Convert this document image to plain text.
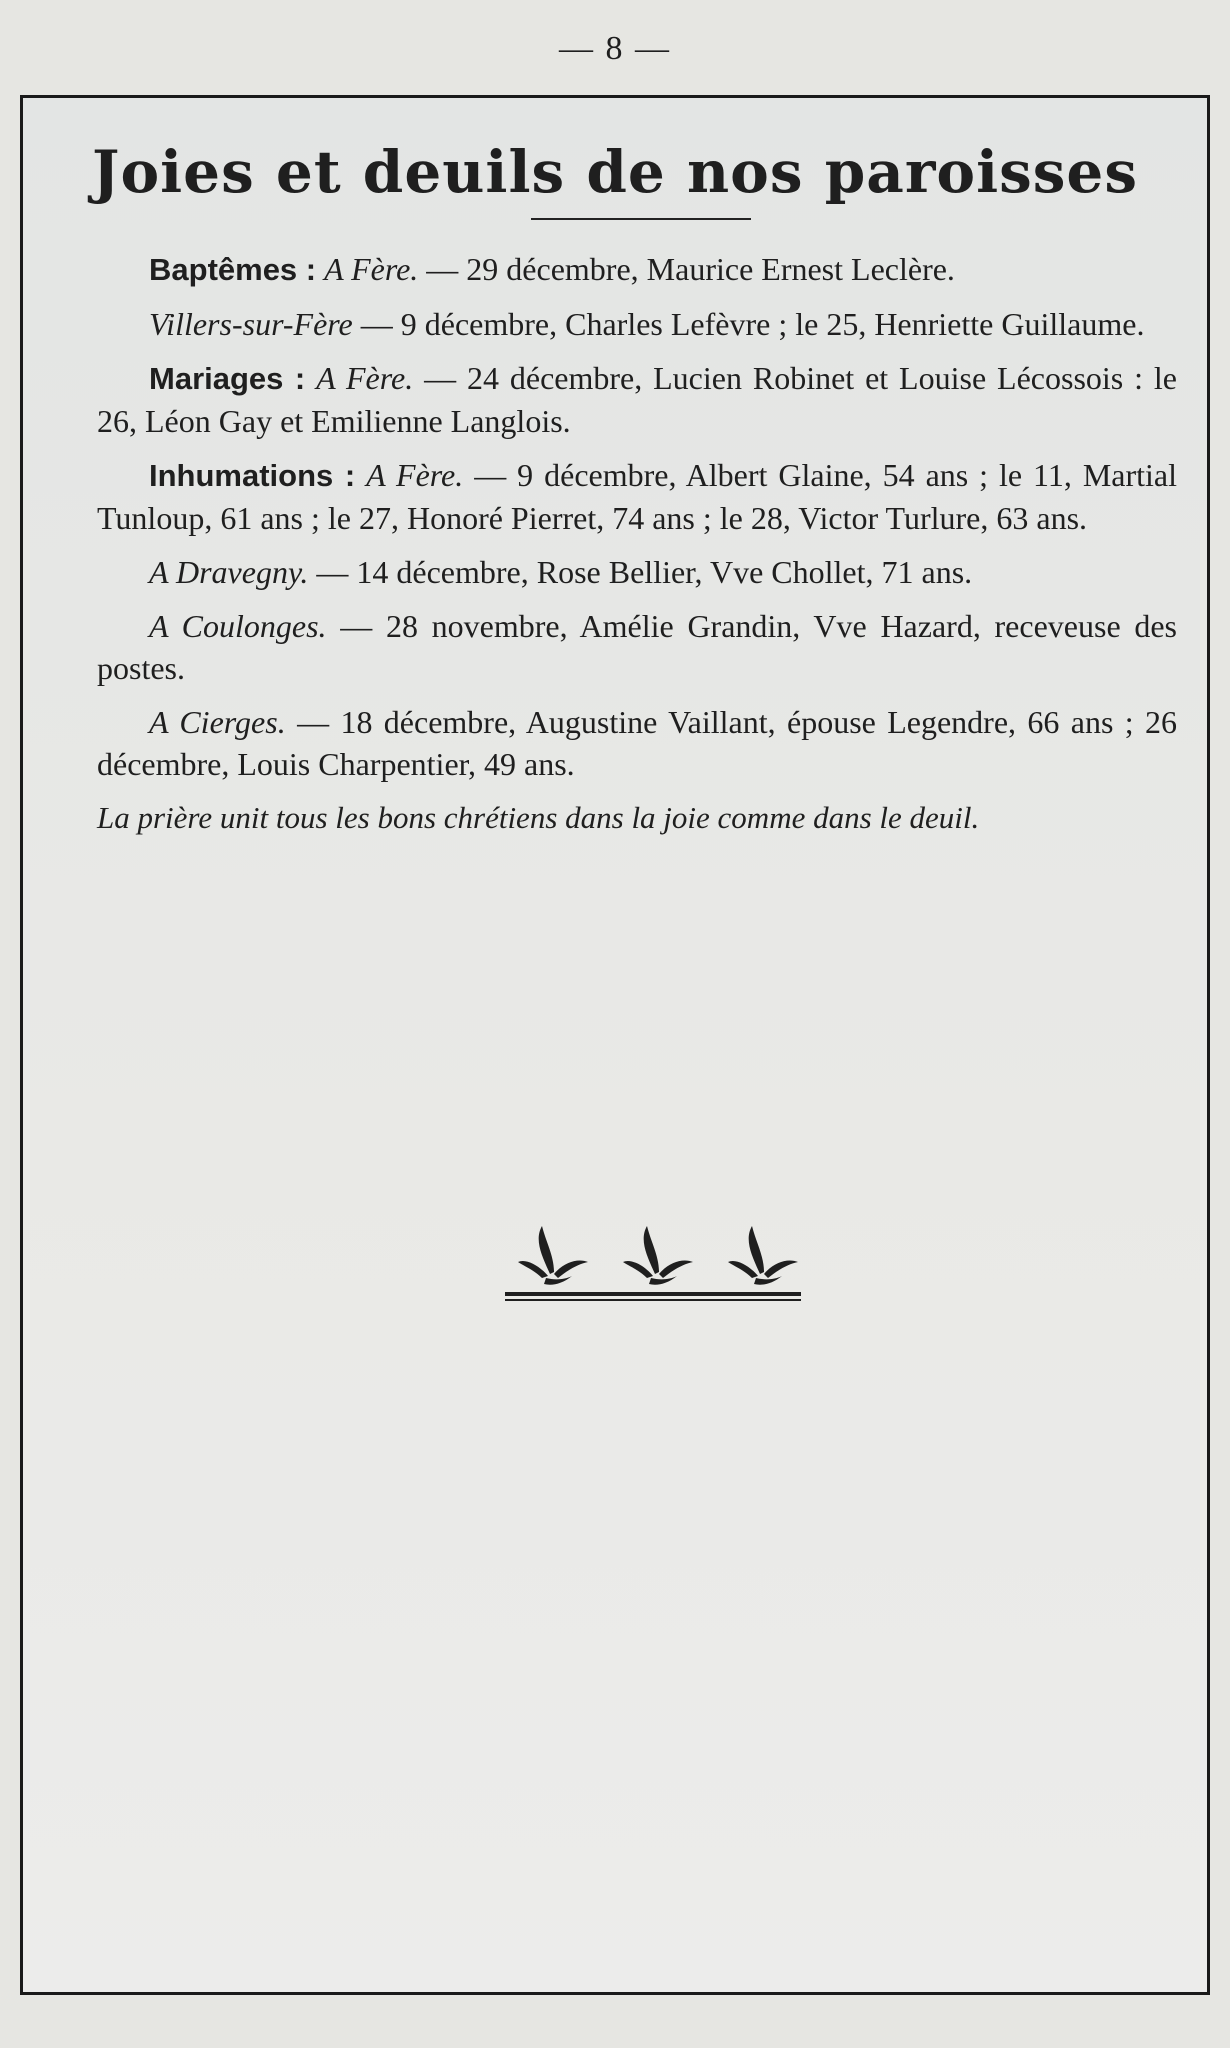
— 8 —
Joies et deuils de nos paroisses

Baptêmes : A Fère. — 29 décembre, Maurice Ernest Leclère.

Villers-sur-Fère — 9 décembre, Charles Lefèvre ; le 25, Henriette Guillaume.

Mariages : A Fère. — 24 décembre, Lucien Robinet et Louise Lécossois : le 26, Léon Gay et Emilienne Langlois.

Inhumations : A Fère. — 9 décembre, Albert Glaine, 54 ans ; le 11, Martial Tunloup, 61 ans ; le 27, Honoré Pierret, 74 ans ; le 28, Victor Turlure, 63 ans.

A Dravegny. — 14 décembre, Rose Bellier, Vve Chollet, 71 ans.

A Coulonges. — 28 novembre, Amélie Grandin, Vve Hazard, receveuse des postes.

A Cierges. — 18 décembre, Augustine Vaillant, épouse Legendre, 66 ans ; 26 décembre, Louis Charpentier, 49 ans.

La prière unit tous les bons chrétiens dans la joie comme dans le deuil.
